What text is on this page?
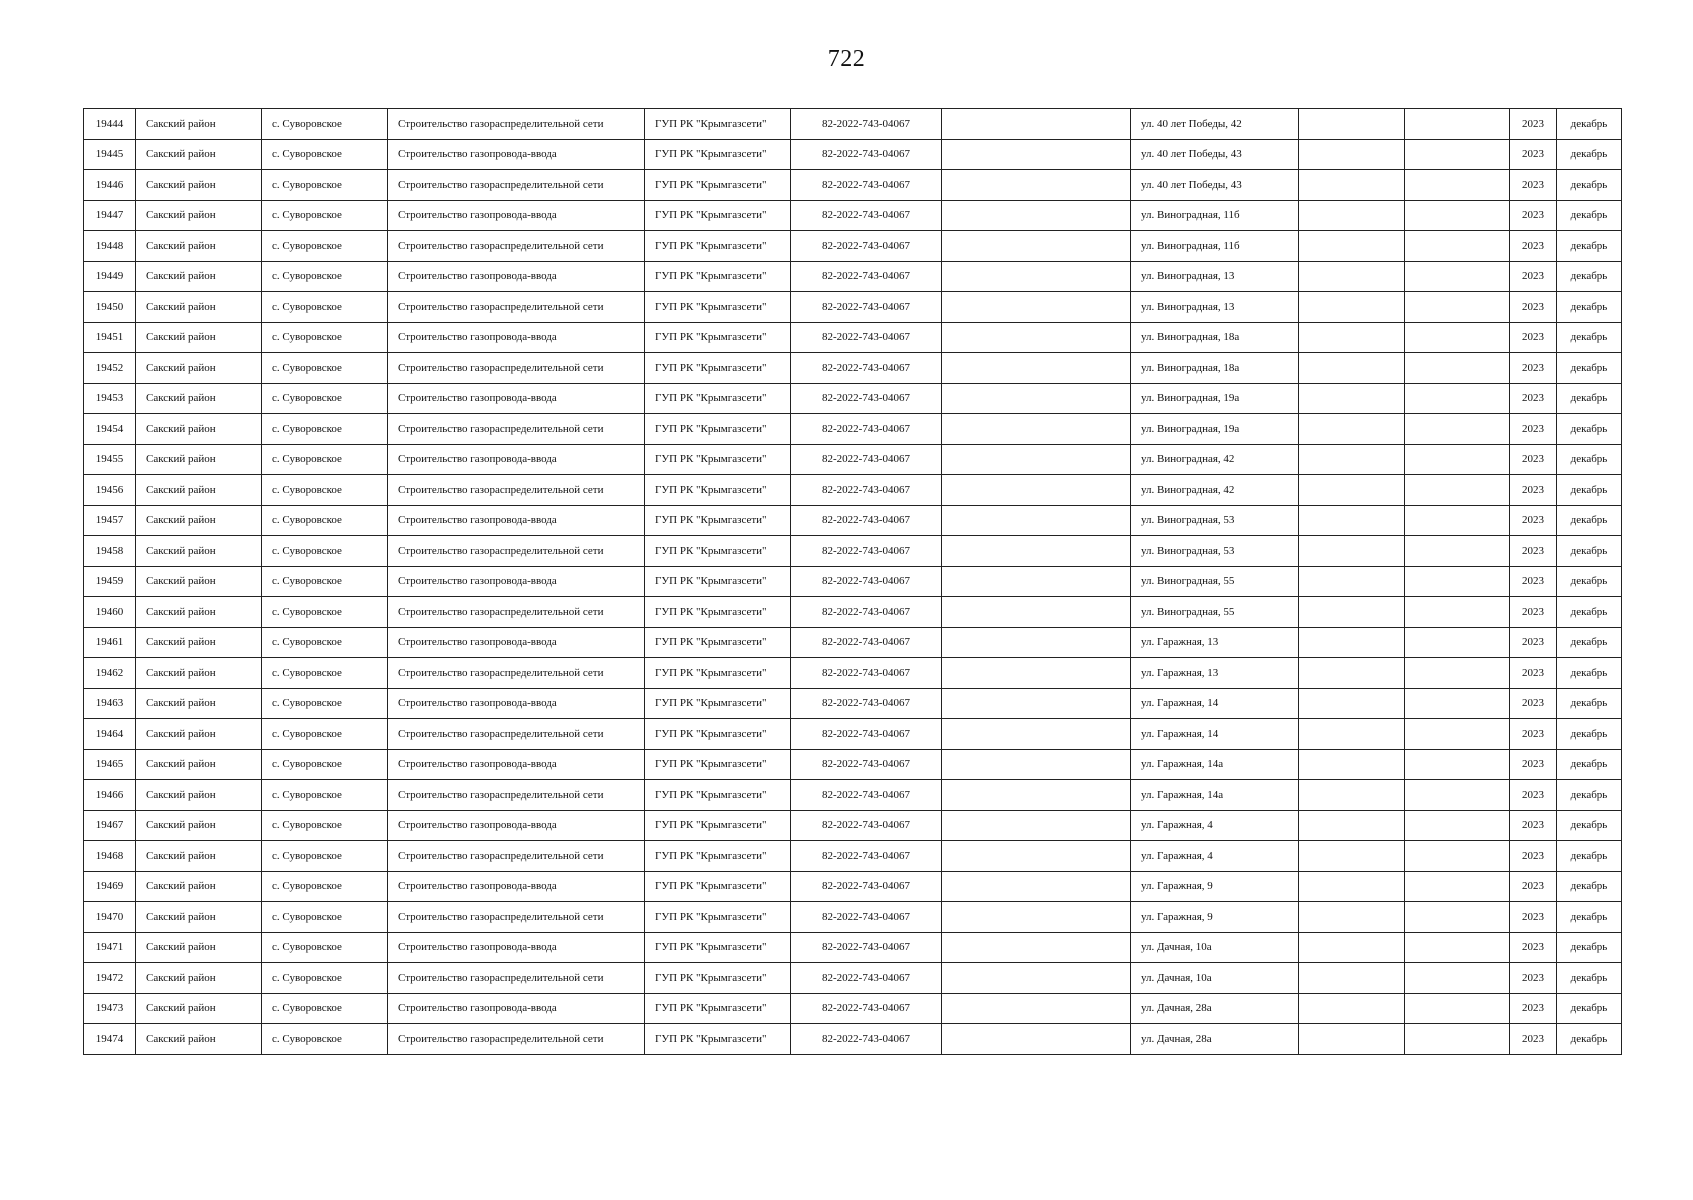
722
19444	Сакский район	с. Суворовское	Строительство газораспределительной сети	ГУП РК "Крымгазсети"	82-2022-743-04067		ул. 40 лет Победы, 42			2023	декабрь
19445	Сакский район	с. Суворовское	Строительство газопровода-ввода	ГУП РК "Крымгазсети"	82-2022-743-04067		ул. 40 лет Победы, 43			2023	декабрь
19446	Сакский район	с. Суворовское	Строительство газораспределительной сети	ГУП РК "Крымгазсети"	82-2022-743-04067		ул. 40 лет Победы, 43			2023	декабрь
19447	Сакский район	с. Суворовское	Строительство газопровода-ввода	ГУП РК "Крымгазсети"	82-2022-743-04067		ул. Виноградная, 11б			2023	декабрь
19448	Сакский район	с. Суворовское	Строительство газораспределительной сети	ГУП РК "Крымгазсети"	82-2022-743-04067		ул. Виноградная, 11б			2023	декабрь
19449	Сакский район	с. Суворовское	Строительство газопровода-ввода	ГУП РК "Крымгазсети"	82-2022-743-04067		ул. Виноградная, 13			2023	декабрь
19450	Сакский район	с. Суворовское	Строительство газораспределительной сети	ГУП РК "Крымгазсети"	82-2022-743-04067		ул. Виноградная, 13			2023	декабрь
19451	Сакский район	с. Суворовское	Строительство газопровода-ввода	ГУП РК "Крымгазсети"	82-2022-743-04067		ул. Виноградная, 18а			2023	декабрь
19452	Сакский район	с. Суворовское	Строительство газораспределительной сети	ГУП РК "Крымгазсети"	82-2022-743-04067		ул. Виноградная, 18а			2023	декабрь
19453	Сакский район	с. Суворовское	Строительство газопровода-ввода	ГУП РК "Крымгазсети"	82-2022-743-04067		ул. Виноградная, 19а			2023	декабрь
19454	Сакский район	с. Суворовское	Строительство газораспределительной сети	ГУП РК "Крымгазсети"	82-2022-743-04067		ул. Виноградная, 19а			2023	декабрь
19455	Сакский район	с. Суворовское	Строительство газопровода-ввода	ГУП РК "Крымгазсети"	82-2022-743-04067		ул. Виноградная, 42			2023	декабрь
19456	Сакский район	с. Суворовское	Строительство газораспределительной сети	ГУП РК "Крымгазсети"	82-2022-743-04067		ул. Виноградная, 42			2023	декабрь
19457	Сакский район	с. Суворовское	Строительство газопровода-ввода	ГУП РК "Крымгазсети"	82-2022-743-04067		ул. Виноградная, 53			2023	декабрь
19458	Сакский район	с. Суворовское	Строительство газораспределительной сети	ГУП РК "Крымгазсети"	82-2022-743-04067		ул. Виноградная, 53			2023	декабрь
19459	Сакский район	с. Суворовское	Строительство газопровода-ввода	ГУП РК "Крымгазсети"	82-2022-743-04067		ул. Виноградная, 55			2023	декабрь
19460	Сакский район	с. Суворовское	Строительство газораспределительной сети	ГУП РК "Крымгазсети"	82-2022-743-04067		ул. Виноградная, 55			2023	декабрь
19461	Сакский район	с. Суворовское	Строительство газопровода-ввода	ГУП РК "Крымгазсети"	82-2022-743-04067		ул. Гаражная, 13			2023	декабрь
19462	Сакский район	с. Суворовское	Строительство газораспределительной сети	ГУП РК "Крымгазсети"	82-2022-743-04067		ул. Гаражная, 13			2023	декабрь
19463	Сакский район	с. Суворовское	Строительство газопровода-ввода	ГУП РК "Крымгазсети"	82-2022-743-04067		ул. Гаражная, 14			2023	декабрь
19464	Сакский район	с. Суворовское	Строительство газораспределительной сети	ГУП РК "Крымгазсети"	82-2022-743-04067		ул. Гаражная, 14			2023	декабрь
19465	Сакский район	с. Суворовское	Строительство газопровода-ввода	ГУП РК "Крымгазсети"	82-2022-743-04067		ул. Гаражная, 14а			2023	декабрь
19466	Сакский район	с. Суворовское	Строительство газораспределительной сети	ГУП РК "Крымгазсети"	82-2022-743-04067		ул. Гаражная, 14а			2023	декабрь
19467	Сакский район	с. Суворовское	Строительство газопровода-ввода	ГУП РК "Крымгазсети"	82-2022-743-04067		ул. Гаражная, 4			2023	декабрь
19468	Сакский район	с. Суворовское	Строительство газораспределительной сети	ГУП РК "Крымгазсети"	82-2022-743-04067		ул. Гаражная, 4			2023	декабрь
19469	Сакский район	с. Суворовское	Строительство газопровода-ввода	ГУП РК "Крымгазсети"	82-2022-743-04067		ул. Гаражная, 9			2023	декабрь
19470	Сакский район	с. Суворовское	Строительство газораспределительной сети	ГУП РК "Крымгазсети"	82-2022-743-04067		ул. Гаражная, 9			2023	декабрь
19471	Сакский район	с. Суворовское	Строительство газопровода-ввода	ГУП РК "Крымгазсети"	82-2022-743-04067		ул. Дачная, 10а			2023	декабрь
19472	Сакский район	с. Суворовское	Строительство газораспределительной сети	ГУП РК "Крымгазсети"	82-2022-743-04067		ул. Дачная, 10а			2023	декабрь
19473	Сакский район	с. Суворовское	Строительство газопровода-ввода	ГУП РК "Крымгазсети"	82-2022-743-04067		ул. Дачная, 28а			2023	декабрь
19474	Сакский район	с. Суворовское	Строительство газораспределительной сети	ГУП РК "Крымгазсети"	82-2022-743-04067		ул. Дачная, 28а			2023	декабрь
